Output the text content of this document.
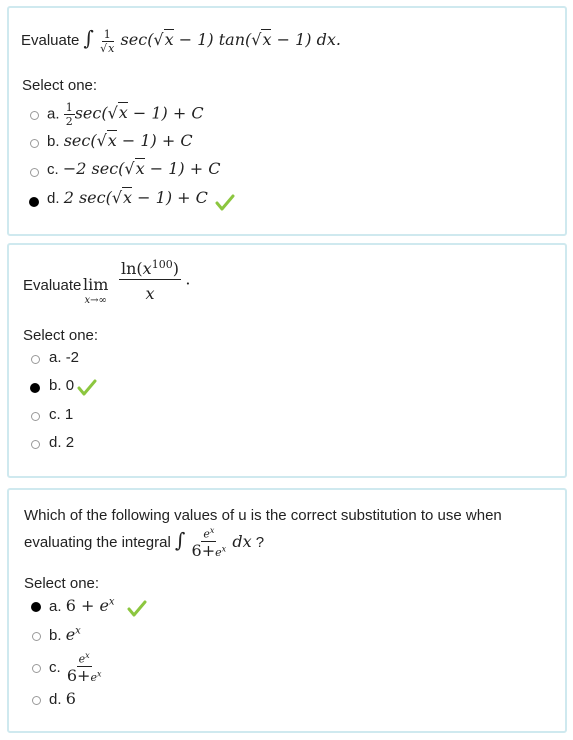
Evaluate ∫ $\frac{1}{√x} \sec(√x - 1) \tan(√x - 1)$ dx.
Select one:
a. $\frac{1}{2} \sec(√x - 1) + C$
b. sec(√x − 1) + C
c. −2 sec(√x − 1) + C
d. 2 sec(√x − 1) + C
Evaluate lim
$x\to\infty \frac{\ln(x^{100})}{x}$ .
Select one:
a. -2
b. 0
c. 1
d. 2
Which of the following values of u is the correct substitution to use when
evaluating the integral ∫ $\frac{e^x}{6+e^x}$ dx ?
Select one:
a. $6 + e^x$
b. $e^x$
c. $\frac{e^x}{6+e^x}$
d. 6
